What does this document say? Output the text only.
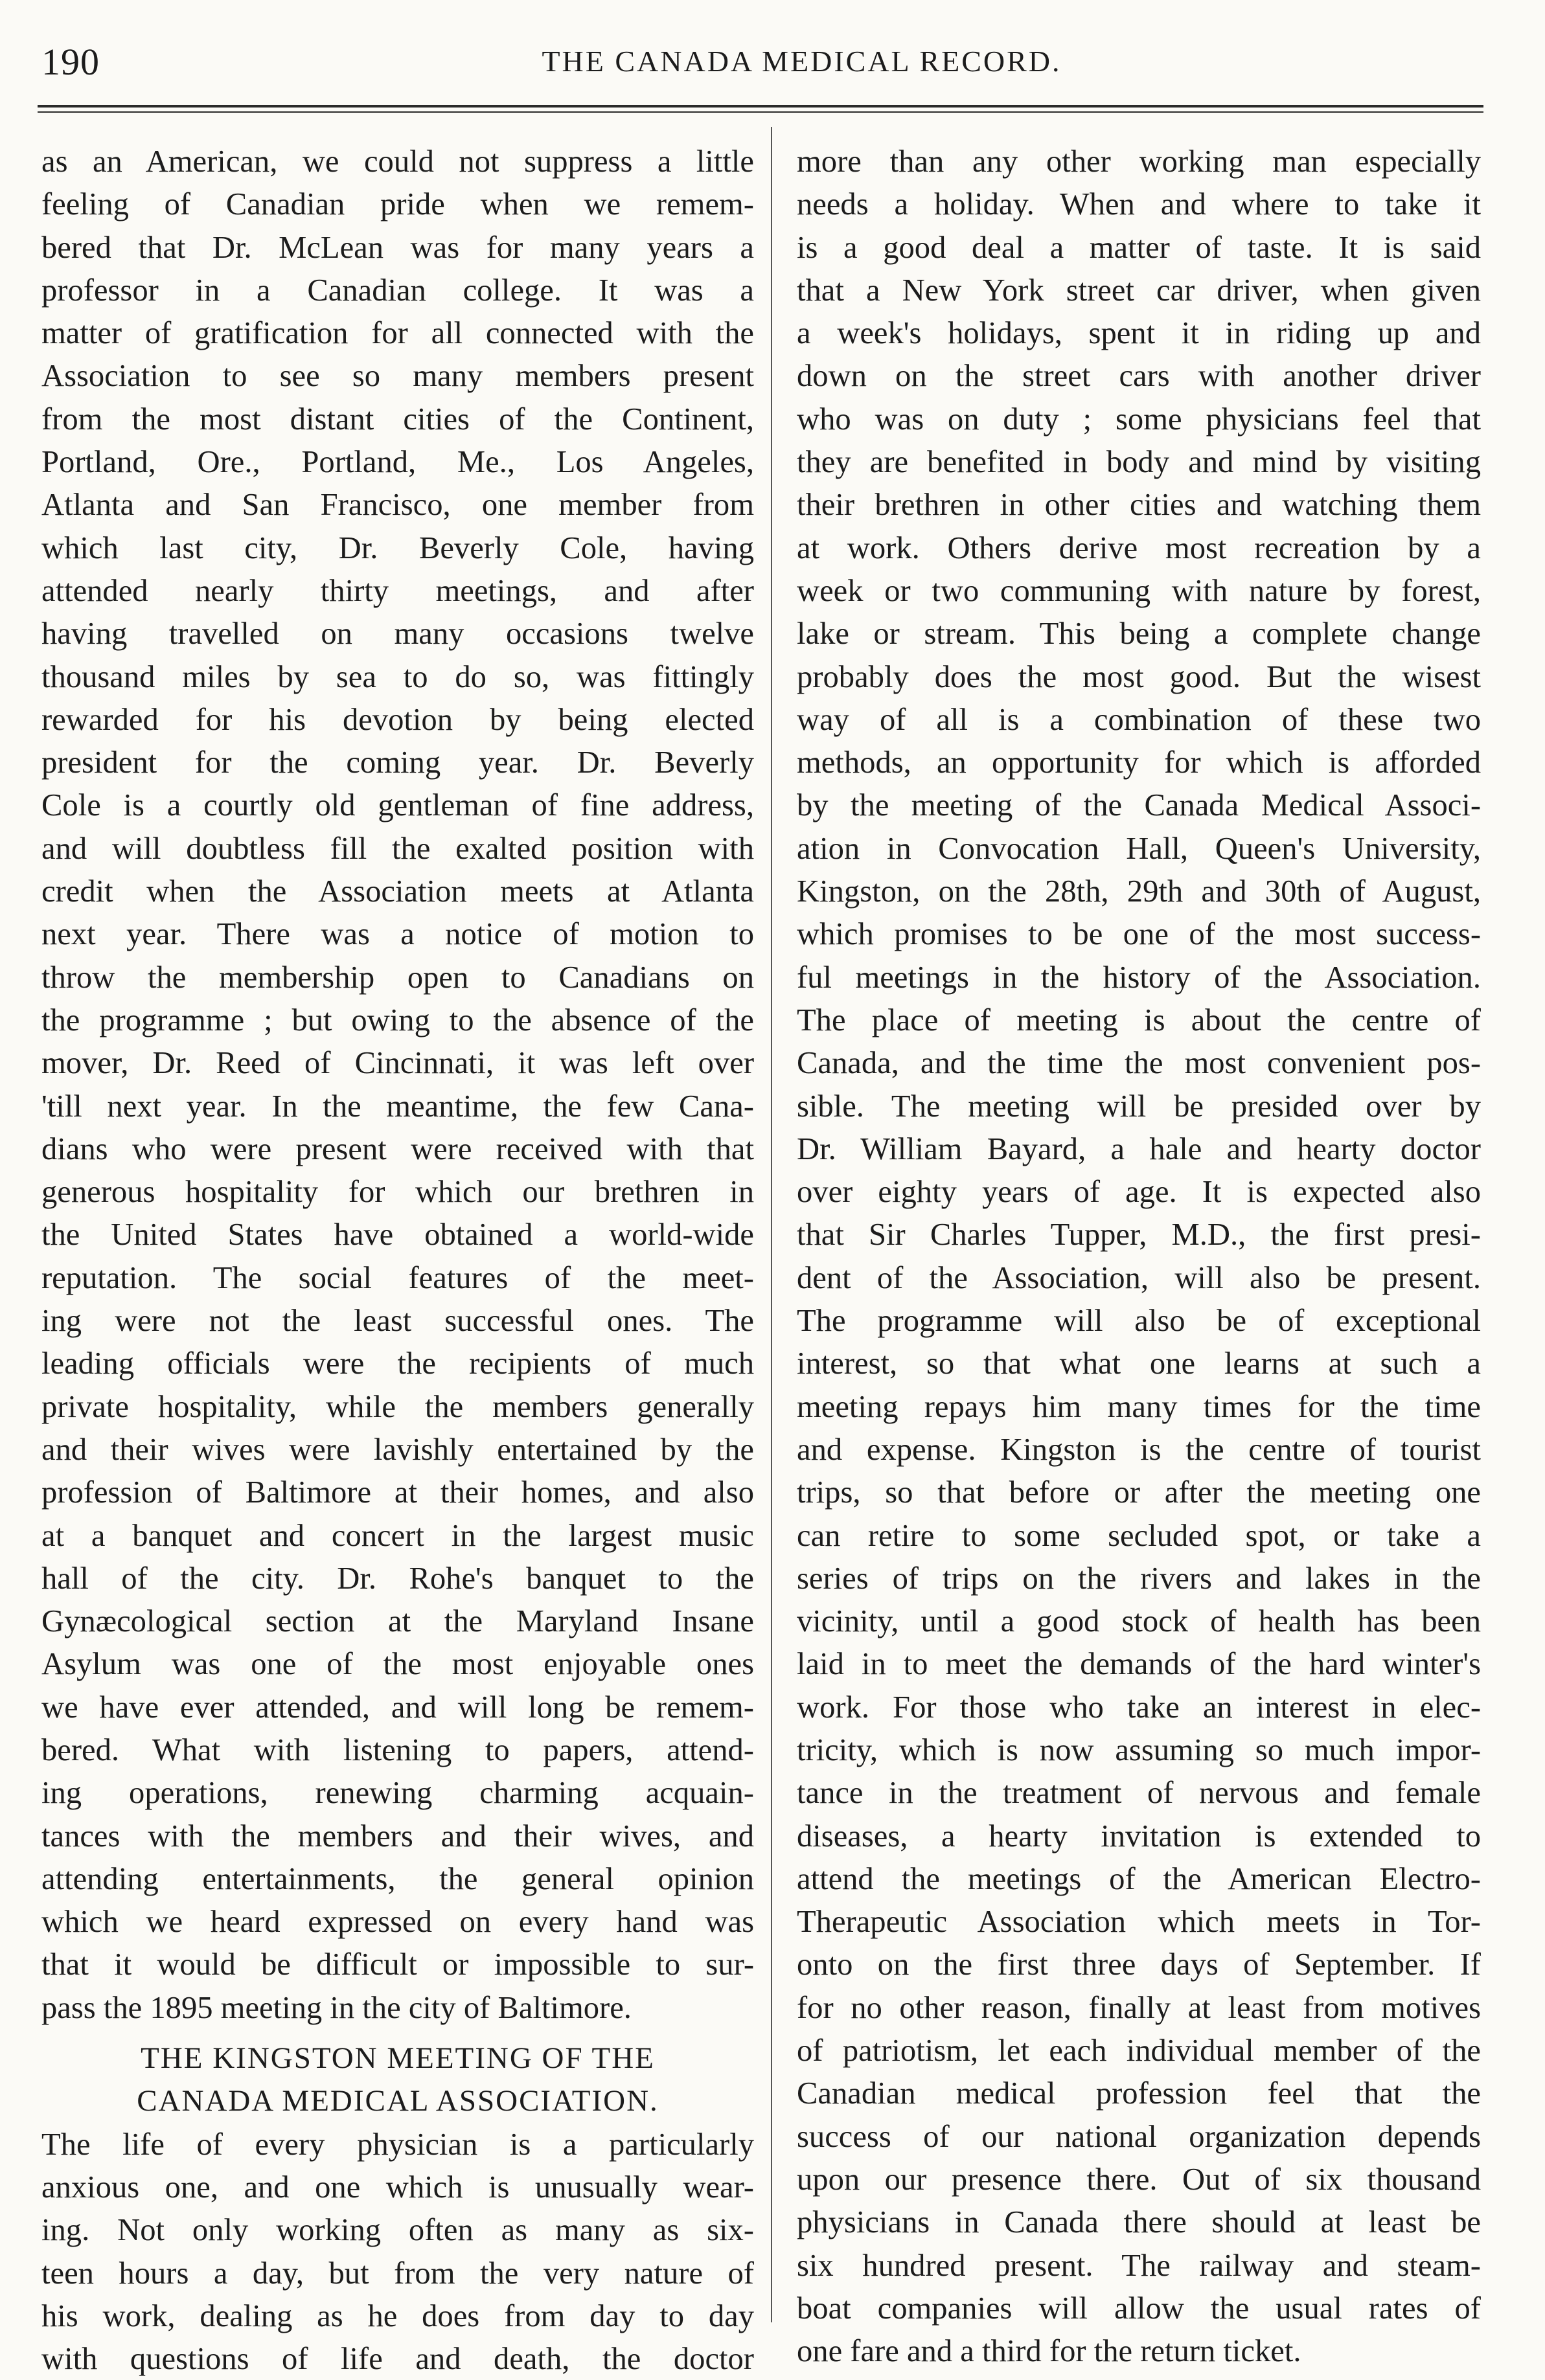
190	THE CANADA MEDICAL RECORD.
as an American, we could not suppress a little
feeling of Canadian pride when we remem-
bered that Dr. McLean was for many years a
professor in a Canadian college. It was a
matter of gratification for all connected with the
Association to see so many members present
from the most distant cities of the Continent,
Portland, Ore., Portland, Me., Los Angeles,
Atlanta and San Francisco, one member from
which last city, Dr. Beverly Cole, having
attended nearly thirty meetings, and after
having travelled on many occasions twelve
thousand miles by sea to do so, was fittingly
rewarded for his devotion by being elected
president for the coming year. Dr. Beverly
Cole is a courtly old gentleman of fine address,
and will doubtless fill the exalted position with
credit when the Association meets at Atlanta
next year. There was a notice of motion to
throw the membership open to Canadians on
the programme ; but owing to the absence of the
mover, Dr. Reed of Cincinnati, it was left over
'till next year. In the meantime, the few Cana-
dians who were present were received with that
generous hospitality for which our brethren in
the United States have obtained a world-wide
reputation. The social features of the meet-
ing were not the least successful ones. The
leading officials were the recipients of much
private hospitality, while the members generally
and their wives were lavishly entertained by the
profession of Baltimore at their homes, and also
at a banquet and concert in the largest music
hall of the city. Dr. Rohe's banquet to the
Gynæcological section at the Maryland Insane
Asylum was one of the most enjoyable ones
we have ever attended, and will long be remem-
bered. What with listening to papers, attend-
ing operations, renewing charming acquain-
tances with the members and their wives, and
attending entertainments, the general opinion
which we heard expressed on every hand was
that it would be difficult or impossible to sur-
pass the 1895 meeting in the city of Baltimore.
THE KINGSTON MEETING OF THE
CANADA MEDICAL ASSOCIATION.
The life of every physician is a particularly
anxious one, and one which is unusually wear-
ing. Not only working often as many as six-
teen hours a day, but from the very nature of
his work, dealing as he does from day to day
with questions of life and death, the doctor
more than any other working man especially
needs a holiday. When and where to take it
is a good deal a matter of taste. It is said
that a New York street car driver, when given
a week's holidays, spent it in riding up and
down on the street cars with another driver
who was on duty ; some physicians feel that
they are benefited in body and mind by visiting
their brethren in other cities and watching them
at work. Others derive most recreation by a
week or two communing with nature by forest,
lake or stream. This being a complete change
probably does the most good. But the wisest
way of all is a combination of these two
methods, an opportunity for which is afforded
by the meeting of the Canada Medical Associ-
ation in Convocation Hall, Queen's University,
Kingston, on the 28th, 29th and 30th of August,
which promises to be one of the most success-
ful meetings in the history of the Association.
The place of meeting is about the centre of
Canada, and the time the most convenient pos-
sible. The meeting will be presided over by
Dr. William Bayard, a hale and hearty doctor
over eighty years of age. It is expected also
that Sir Charles Tupper, M.D., the first presi-
dent of the Association, will also be present.
The programme will also be of exceptional
interest, so that what one learns at such a
meeting repays him many times for the time
and expense. Kingston is the centre of tourist
trips, so that before or after the meeting one
can retire to some secluded spot, or take a
series of trips on the rivers and lakes in the
vicinity, until a good stock of health has been
laid in to meet the demands of the hard winter's
work. For those who take an interest in elec-
tricity, which is now assuming so much impor-
tance in the treatment of nervous and female
diseases, a hearty invitation is extended to
attend the meetings of the American Electro-
Therapeutic Association which meets in Tor-
onto on the first three days of September. If
for no other reason, finally at least from motives
of patriotism, let each individual member of the
Canadian medical profession feel that the
success of our national organization depends
upon our presence there. Out of six thousand
physicians in Canada there should at least be
six hundred present. The railway and steam-
boat companies will allow the usual rates of
one fare and a third for the return ticket.
